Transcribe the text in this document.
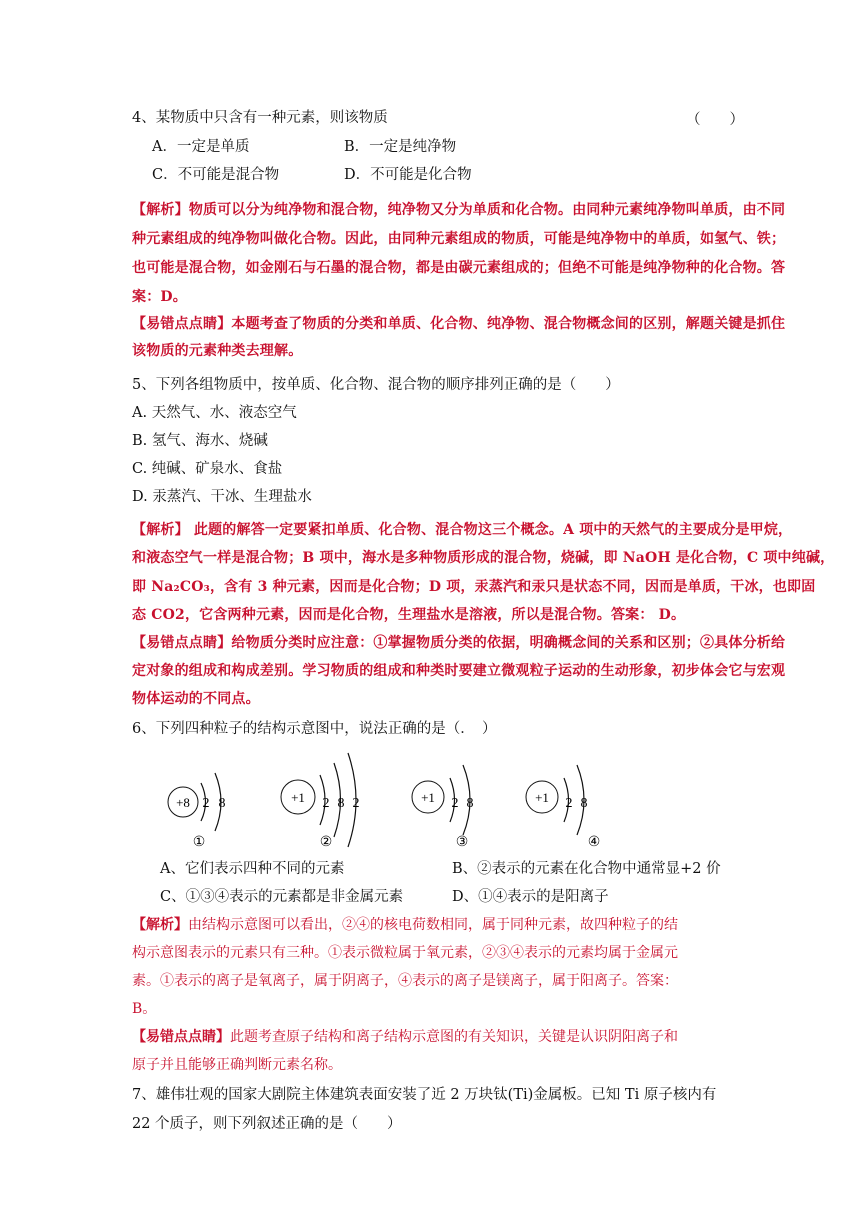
4、某物质中只含有一种元素，则该物质	（　　）
A．一定是单质	B．一定是纯净物
C．不可能是混合物	D．不可能是化合物
【解析】物质可以分为纯净物和混合物，纯净物又分为单质和化合物。由同种元素纯净物叫单质，由不同
种元素组成的纯净物叫做化合物。因此，由同种元素组成的物质，可能是纯净物中的单质，如氢气、铁；
也可能是混合物，如金刚石与石墨的混合物，都是由碳元素组成的；但绝不可能是纯净物种的化合物。答
案：D。
【易错点点睛】本题考查了物质的分类和单质、化合物、纯净物、混合物概念间的区别，解题关键是抓住
该物质的元素种类去理解。
5、下列各组物质中，按单质、化合物、混合物的顺序排列正确的是（　　）
A. 天然气、水、液态空气
B. 氢气、海水、烧碱
C. 纯碱、矿泉水、食盐
D. 汞蒸汽、干冰、生理盐水
【解析】 此题的解答一定要紧扣单质、化合物、混合物这三个概念。A 项中的天然气的主要成分是甲烷，
和液态空气一样是混合物；B 项中，海水是多种物质形成的混合物，烧碱，即 NaOH 是化合物，C 项中纯碱，
即 Na₂CO₃，含有 3 种元素，因而是化合物；D 项，汞蒸汽和汞只是状态不同，因而是单质，干冰，也即固
态 CO2，它含两种元素，因而是化合物，生理盐水是溶液，所以是混合物。答案： D。
【易错点点睛】给物质分类时应注意：①掌握物质分类的依据，明确概念间的关系和区别；②具体分析给
定对象的组成和构成差别。学习物质的组成和种类时要建立微观粒子运动的生动形象，初步体会它与宏观
物体运动的不同点。
6、下列四种粒子的结构示意图中，说法正确的是（．　）
+8 2 8
①
+1 2 8 2
②
+1 2 8
③
+1 2 8
④
A、它们表示四种不同的元素	B、②表示的元素在化合物中通常显+2 价
C、①③④表示的元素都是非金属元素	D、①④表示的是阳离子
【解析】由结构示意图可以看出，②④的核电荷数相同，属于同种元素，故四种粒子的结
构示意图表示的元素只有三种。①表示微粒属于氧元素，②③④表示的元素均属于金属元
素。①表示的离子是氧离子，属于阴离子，④表示的离子是镁离子，属于阳离子。答案：
B。
【易错点点睛】此题考查原子结构和离子结构示意图的有关知识，关键是认识阴阳离子和
原子并且能够正确判断元素名称。
7、雄伟壮观的国家大剧院主体建筑表面安装了近 2 万块钛(Ti)金属板。已知 Ti 原子核内有
22 个质子，则下列叙述正确的是（　　）
